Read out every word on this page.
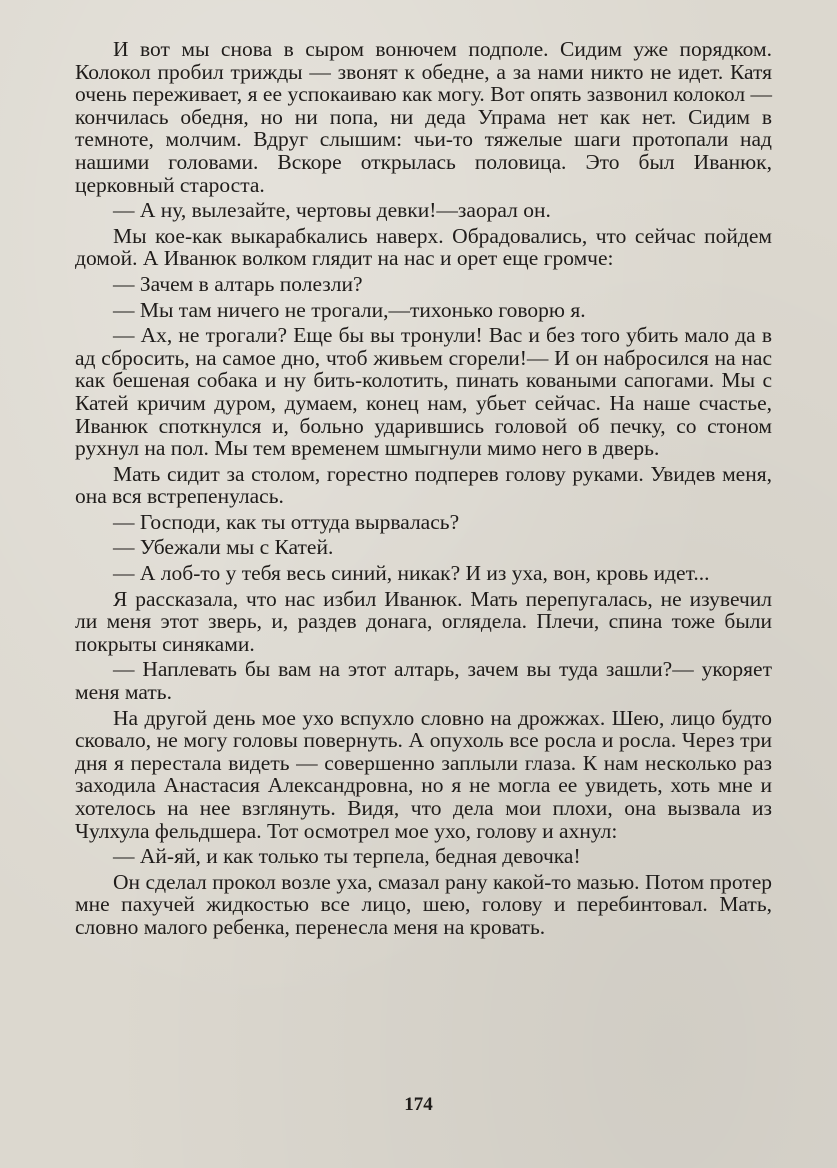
И вот мы снова в сыром вонючем подполе. Сидим уже порядком. Колокол пробил трижды — звонят к обедне, а за нами никто не идет. Катя очень переживает, я ее успокаиваю как могу. Вот опять зазвонил колокол — кончилась обедня, но ни попа, ни деда Упрама нет как нет. Сидим в темноте, молчим. Вдруг слышим: чьи-то тяжелые шаги протопали над нашими головами. Вскоре открылась половица. Это был Иванюк, церковный староста.

— А ну, вылезайте, чертовы девки!—заорал он.

Мы кое-как выкарабкались наверх. Обрадовались, что сейчас пойдем домой. А Иванюк волком глядит на нас и орет еще громче:

— Зачем в алтарь полезли?

— Мы там ничего не трогали,—тихонько говорю я.

— Ах, не трогали? Еще бы вы тронули! Вас и без того убить мало да в ад сбросить, на самое дно, чтоб живьем сгорели!— И он набросился на нас как бешеная собака и ну бить-колотить, пинать коваными сапогами. Мы с Катей кричим дуром, думаем, конец нам, убьет сейчас. На наше счастье, Иванюк споткнулся и, больно ударившись головой об печку, со стоном рухнул на пол. Мы тем временем шмыгнули мимо него в дверь.

Мать сидит за столом, горестно подперев голову руками. Увидев меня, она вся встрепенулась.

— Господи, как ты оттуда вырвалась?

— Убежали мы с Катей.

— А лоб-то у тебя весь синий, никак? И из уха, вон, кровь идет...

Я рассказала, что нас избил Иванюк. Мать перепугалась, не изувечил ли меня этот зверь, и, раздев донага, оглядела. Плечи, спина тоже были покрыты синяками.

— Наплевать бы вам на этот алтарь, зачем вы туда зашли?— укоряет меня мать.

На другой день мое ухо вспухло словно на дрожжах. Шею, лицо будто сковало, не могу головы повернуть. А опухоль все росла и росла. Через три дня я перестала видеть — совершенно заплыли глаза. К нам несколько раз заходила Анастасия Александровна, но я не могла ее увидеть, хоть мне и хотелось на нее взглянуть. Видя, что дела мои плохи, она вызвала из Чулхула фельдшера. Тот осмотрел мое ухо, голову и ахнул:

— Ай-яй, и как только ты терпела, бедная девочка!

Он сделал прокол возле уха, смазал рану какой-то мазью. Потом протер мне пахучей жидкостью все лицо, шею, голову и перебинтовал. Мать, словно малого ребенка, перенесла меня на кровать.

174
